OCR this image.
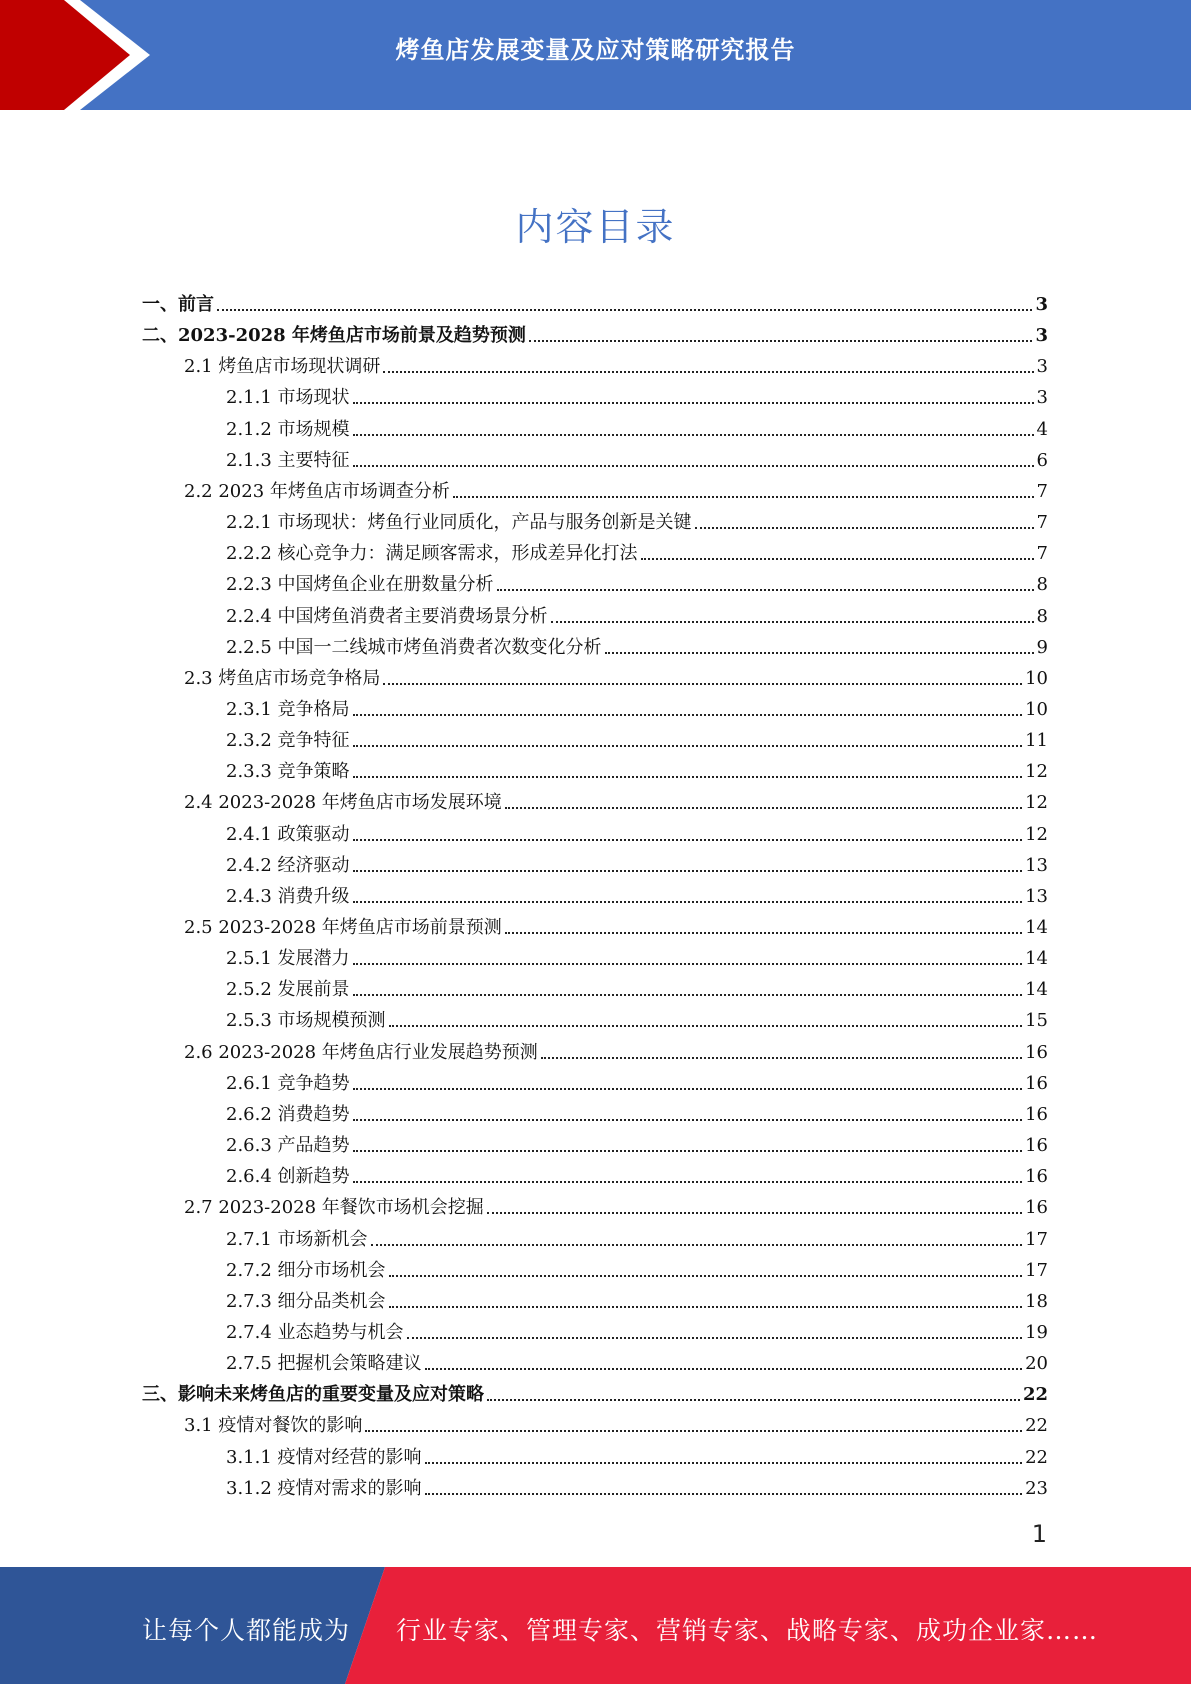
烤鱼店发展变量及应对策略研究报告
内容目录
一、前言	3
二、2023-2028 年烤鱼店市场前景及趋势预测	3
2.1 烤鱼店市场现状调研	3
2.1.1 市场现状	3
2.1.2 市场规模	4
2.1.3 主要特征	6
2.2 2023 年烤鱼店市场调查分析	7
2.2.1 市场现状：烤鱼行业同质化，产品与服务创新是关键	7
2.2.2 核心竞争力：满足顾客需求，形成差异化打法	7
2.2.3 中国烤鱼企业在册数量分析	8
2.2.4 中国烤鱼消费者主要消费场景分析	8
2.2.5 中国一二线城市烤鱼消费者次数变化分析	9
2.3 烤鱼店市场竞争格局	10
2.3.1 竞争格局	10
2.3.2 竞争特征	11
2.3.3 竞争策略	12
2.4 2023-2028 年烤鱼店市场发展环境	12
2.4.1 政策驱动	12
2.4.2 经济驱动	13
2.4.3 消费升级	13
2.5 2023-2028 年烤鱼店市场前景预测	14
2.5.1 发展潜力	14
2.5.2 发展前景	14
2.5.3 市场规模预测	15
2.6 2023-2028 年烤鱼店行业发展趋势预测	16
2.6.1 竞争趋势	16
2.6.2 消费趋势	16
2.6.3 产品趋势	16
2.6.4 创新趋势	16
2.7 2023-2028 年餐饮市场机会挖掘	16
2.7.1 市场新机会	17
2.7.2 细分市场机会	17
2.7.3 细分品类机会	18
2.7.4 业态趋势与机会	19
2.7.5 把握机会策略建议	20
三、影响未来烤鱼店的重要变量及应对策略	22
3.1 疫情对餐饮的影响	22
3.1.1 疫情对经营的影响	22
3.1.2 疫情对需求的影响	23
1
让每个人都能成为 行业专家、管理专家、营销专家、战略专家、成功企业家……
